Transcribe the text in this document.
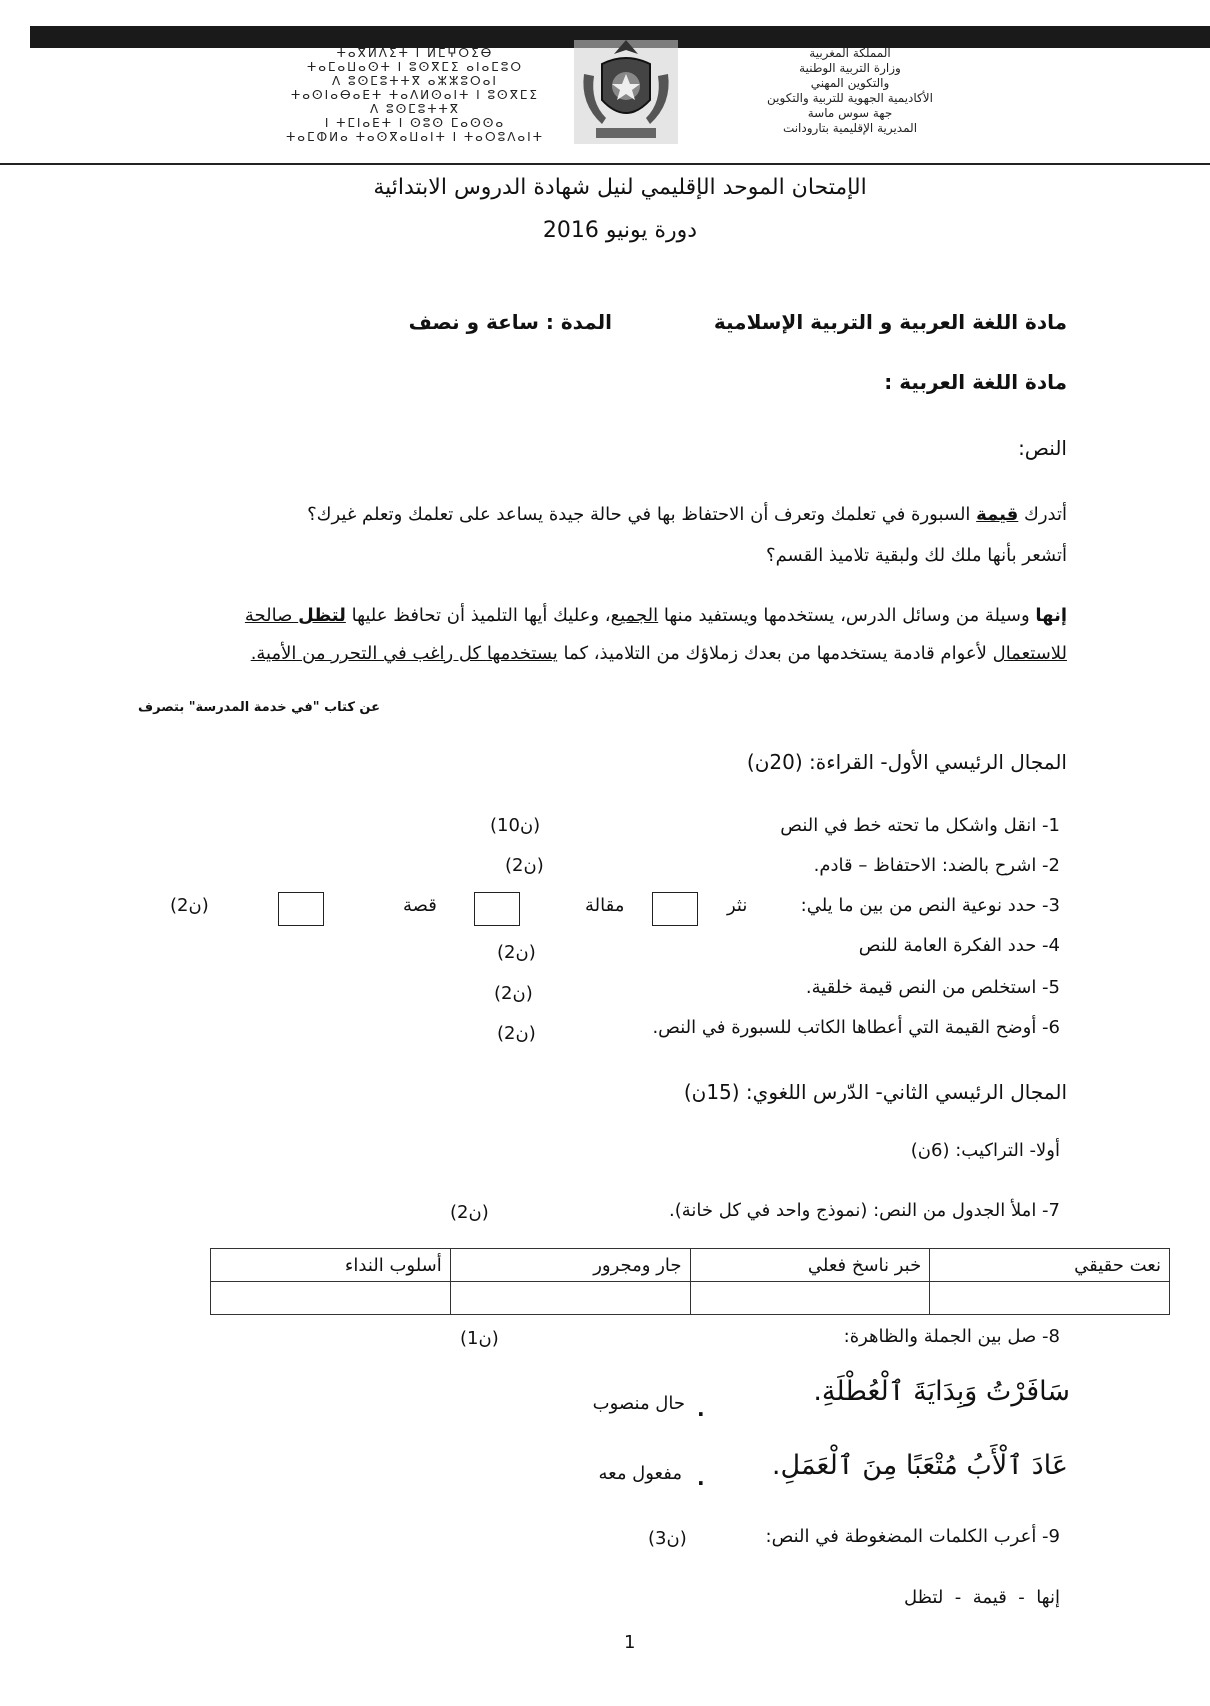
ⵜⴰⴳⵍⴷⵉⵜ ⵏ ⵍⵎⵖⵔⵉⴱ
ⵜⴰⵎⴰⵡⴰⵙⵜ ⵏ ⵓⵙⴳⵎⵉ ⴰⵏⴰⵎⵓⵔ
ⴷ ⵓⵙⵎⵓⵜⵜⴳ ⴰⵣⵣⵓⵔⴰⵏ
ⵜⴰⵙⵏⴰⴱⴰⴹⵜ ⵜⴰⴷⵍⵙⴰⵏⵜ ⵏ ⵓⵙⴳⵎⵉ
ⴷ ⵓⵙⵎⵓⵜⵜⴳ
ⵏ ⵜⵎⵏⴰⴹⵜ ⵏ ⵙⵓⵙ ⵎⴰⵙⵙⴰ
ⵜⴰⵎⵀⵍⴰ ⵜⴰⵙⴳⴰⵡⴰⵏⵜ ⵏ ⵜⴰⵔⵓⴷⴰⵏⵜ
المملكة المغربية
وزارة التربية الوطنية
والتكوين المهني
الأكاديمية الجهوية للتربية والتكوين
جهة سوس ماسة
المديرية الإقليمية بتارودانت
الإمتحان الموحد الإقليمي لنيل شهادة الدروس الابتدائية
دورة يونيو 2016
مادة اللغة العربية و التربية الإسلامية
المدة : ساعة و نصف
مادة اللغة العربية :
النص:
أتدرك قيمة السبورة في تعلمك وتعرف أن الاحتفاظ بها في حالة جيدة يساعد على تعلمك وتعلم غيرك؟
أتشعر بأنها ملك لك ولبقية تلاميذ القسم؟
إنها وسيلة من وسائل الدرس، يستخدمها ويستفيد منها الجميع، وعليك أيها التلميذ أن تحافظ عليها لتظل صالحة
للاستعمال لأعوام قادمة يستخدمها من بعدك زملاؤك من التلاميذ، كما يستخدمها كل راغب في التحرر من الأمية.
عن كتاب "في خدمة المدرسة" بتصرف
المجال الرئيسي الأول- القراءة: (20ن)
1- انقل واشكل ما تحته خط في النص
(10ن)
2- اشرح بالضد: الاحتفاظ – قادم.
(2ن)
3- حدد نوعية النص من بين ما يلي:
نثر
مقالة
قصة
(2ن)
4- حدد الفكرة العامة للنص
(2ن)
5- استخلص من النص قيمة خلقية.
(2ن)
6- أوضح القيمة التي أعطاها الكاتب للسبورة في النص.
(2ن)
المجال الرئيسي الثاني- الدّرس اللغوي: (15ن)
أولا- التراكيب: (6ن)
7- املأ الجدول من النص: (نموذج واحد في كل خانة).
(2ن)
نعت حقيقي	خبر ناسخ فعلي	جار ومجرور	أسلوب النداء

8- صل بين الجملة والظاهرة:
(1ن)
سَافَرْتُ وَبِدَايَةَ ٱلْعُطْلَةِ.
.
حال منصوب
عَادَ ٱلْأَبُ مُتْعَبًا مِنَ ٱلْعَمَلِ.
.
مفعول معه
9- أعرب الكلمات المضغوطة في النص:
(3ن)
إنها  -  قيمة  -  لتظل
1
